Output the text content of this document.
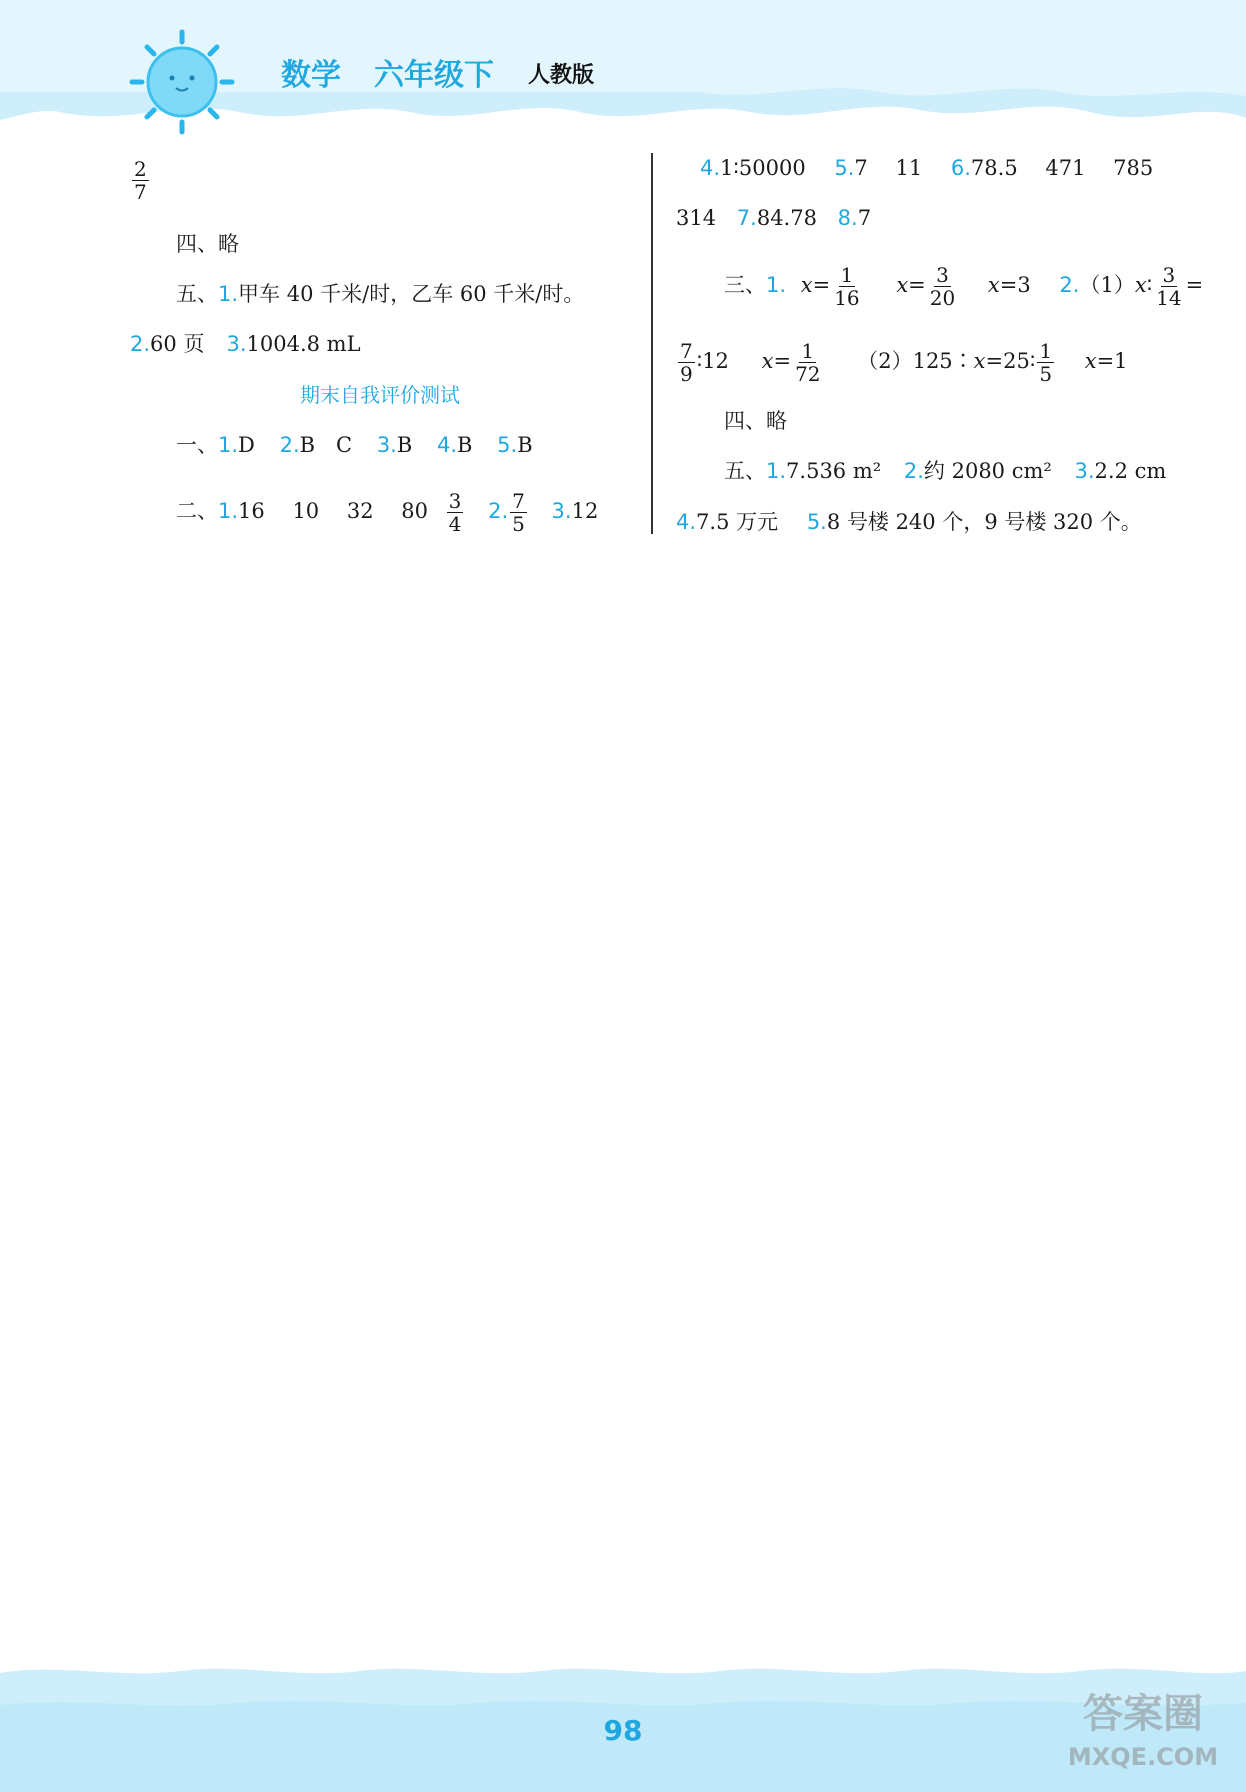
数学 六年级下 人教版
$\frac{2}{7}$
四、略
五、1.甲车 40 千米/时，乙车 60 千米/时。
2.60 页 3.1004.8 mL
期末自我评价测试
一、1.D 2.B　C 3.B 4.B 5.B
二、1.16　 10　 32　 $80 \frac{3}{4} 2$. $\frac{7}{5} 3.12$
4.1∶50000 5.7　 11 6.78.5　 471　 785
314 7.84.78 8.7
三、1. $x= \frac{1}{16} x= \frac{3}{20} x=3$ 2.（1）x∶ $\frac{3}{14}$ =
$\frac{7}{9}$ ∶12 $x= \frac{1}{72}$ （2）125∶x=25∶ $\frac{1}{5} x=1$
四、略
五、1.7.536 m² 2.约 2080 cm² 3.2.2 cm
4.7.5 万元 5.8 号楼 240 个，9 号楼 320 个。
98	答案圈
MXQE.COM
